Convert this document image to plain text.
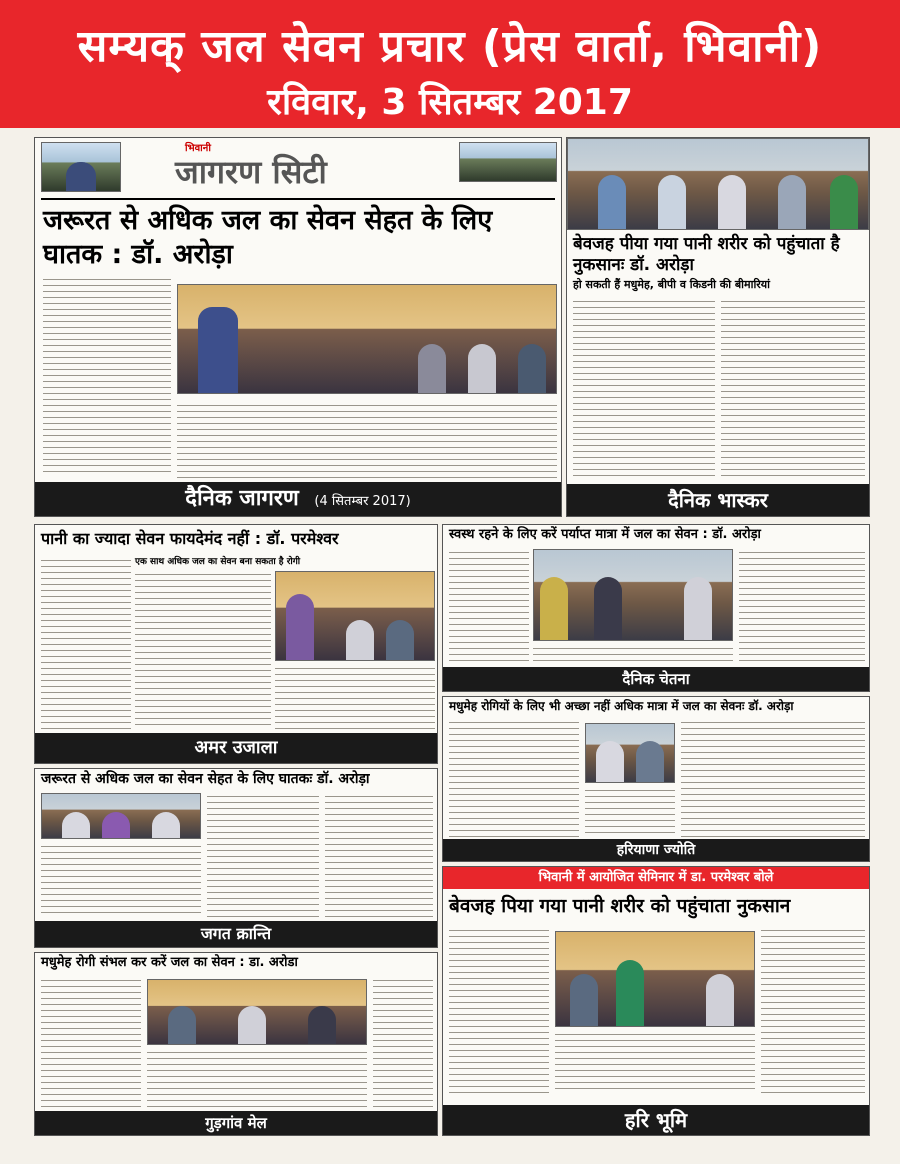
सम्यक् जल सेवन प्रचार (प्रेस वार्ता, भिवानी)
रविवार, 3 सितम्बर 2017
भिवानी
जागरण सिटी
जरूरत से अधिक जल का सेवन सेहत के लिए घातक : डॉ. अरोड़ा
दैनिक जागरण (4 सितम्बर 2017)
बेवजह पीया गया पानी शरीर को पहुंचाता है नुकसानः डॉ. अरोड़ा
हो सकती हैं मधुमेह, बीपी व किडनी की बीमारियां
दैनिक भास्कर
पानी का ज्यादा सेवन फायदेमंद नहीं : डॉ. परमेश्वर
एक साथ अधिक जल का सेवन बना सकता है रोगी
अमर उजाला
स्वस्थ रहने के लिए करें पर्याप्त मात्रा में जल का सेवन : डॉ. अरोड़ा
दैनिक चेतना
मधुमेह रोगियों के लिए भी अच्छा नहीं अधिक मात्रा में जल का सेवनः डॉ. अरोड़ा
हरियाणा ज्योति
जरूरत से अधिक जल का सेवन सेहत के लिए घातकः डॉ. अरोड़ा
जगत क्रान्ति
भिवानी में आयोजित सेमिनार में डा. परमेश्वर बोले
बेवजह पिया गया पानी शरीर को पहुंचाता नुकसान
हरि भूमि
मधुमेह रोगी संभल कर करें जल का सेवन : डा. अरोडा
गुड़गांव मेल
